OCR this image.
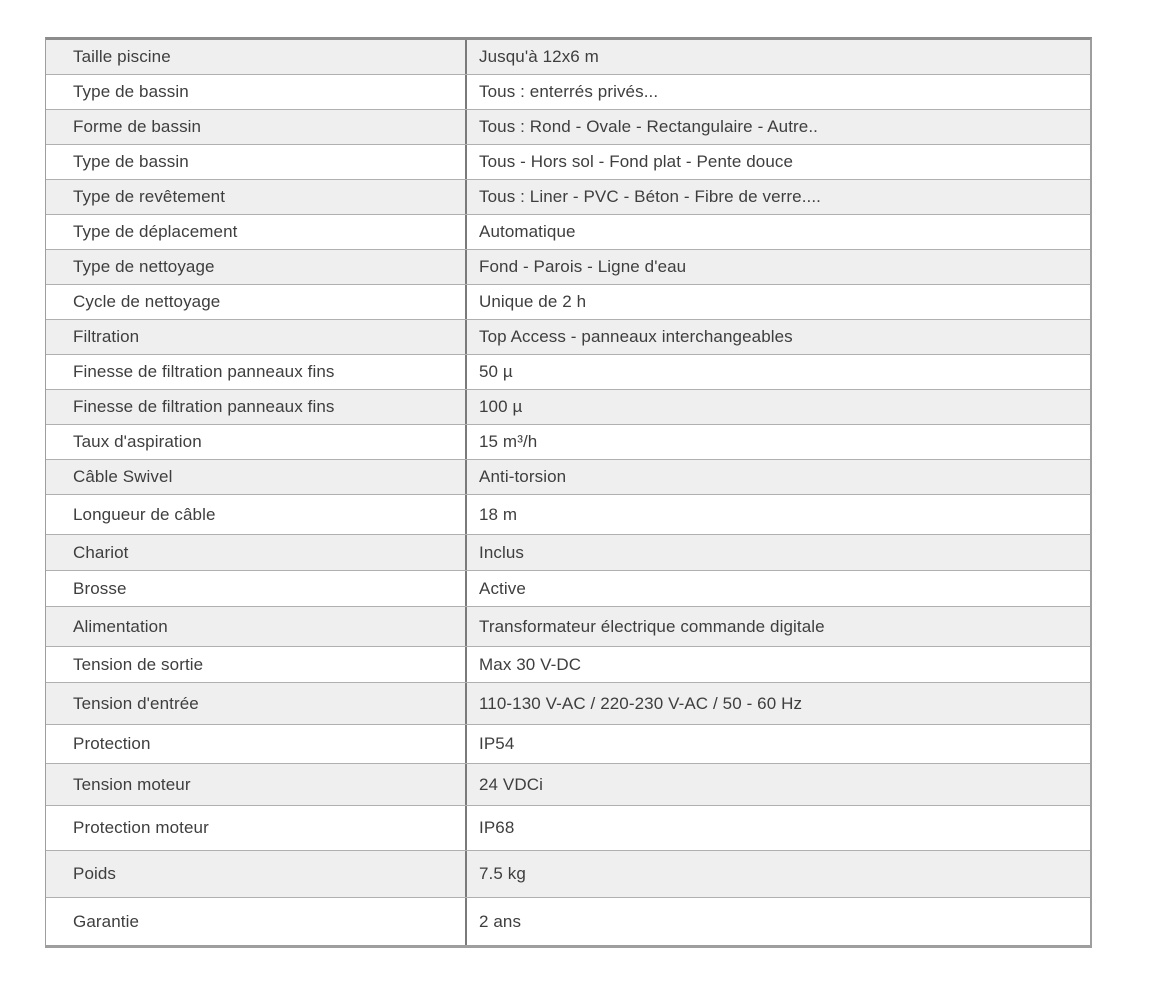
Taille piscine	Jusqu'à 12x6 m
Type de bassin	Tous : enterrés privés...
Forme de bassin	Tous : Rond - Ovale - Rectangulaire - Autre..
Type de bassin	Tous - Hors sol - Fond plat - Pente douce
Type de revêtement	Tous : Liner - PVC - Béton - Fibre de verre....
Type de déplacement	Automatique
Type de nettoyage	Fond - Parois - Ligne d'eau
Cycle de nettoyage	Unique de 2 h
Filtration	Top Access - panneaux interchangeables
Finesse de filtration panneaux fins	50 µ
Finesse de filtration panneaux fins	100 µ
Taux d'aspiration	15 m³/h
Câble Swivel	Anti-torsion
Longueur de câble	18 m
Chariot	Inclus
Brosse	Active
Alimentation	Transformateur électrique commande digitale
Tension de sortie	Max 30 V-DC
Tension d'entrée	110-130 V-AC / 220-230 V-AC / 50 - 60 Hz
Protection	IP54
Tension moteur	24 VDCi
Protection moteur	IP68
Poids	7.5 kg
Garantie	2 ans
